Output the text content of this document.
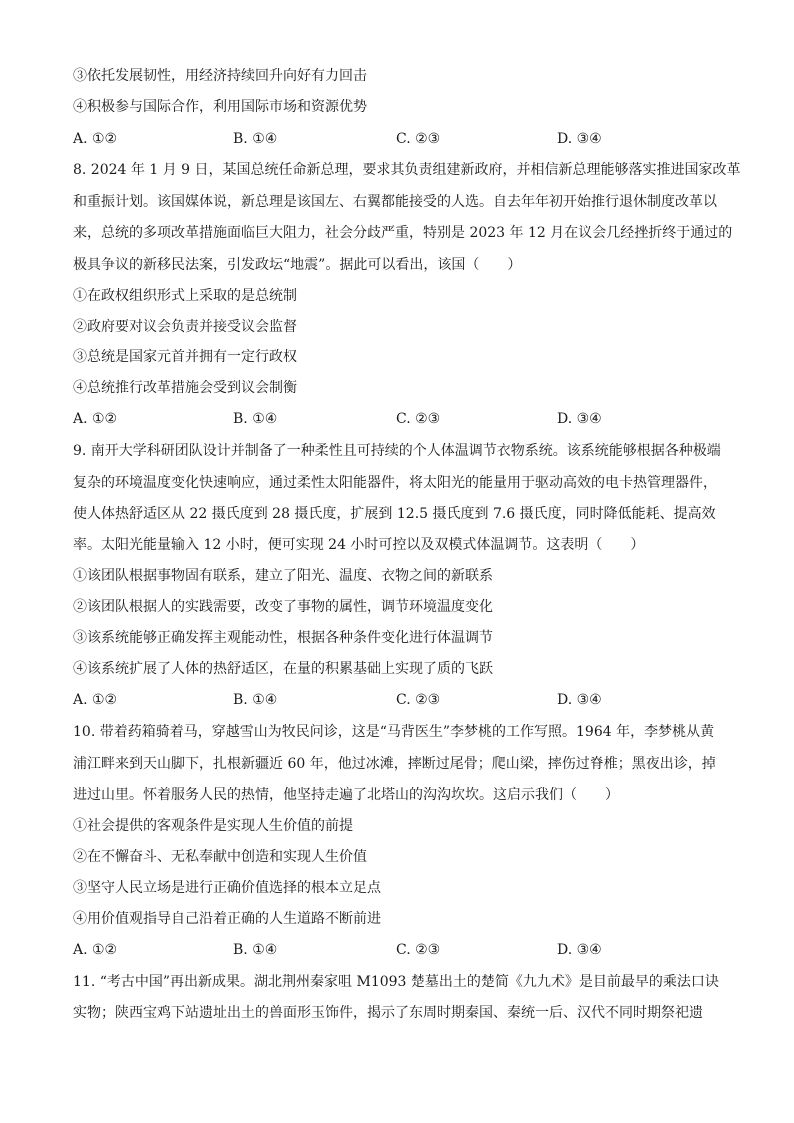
③依托发展韧性，用经济持续回升向好有力回击
④积极参与国际合作，利用国际市场和资源优势
A. ①②	B. ①④	C. ②③	D. ③④
8. 2024 年 1 月 9 日，某国总统任命新总理，要求其负责组建新政府，并相信新总理能够落实推进国家改革
和重振计划。该国媒体说，新总理是该国左、右翼都能接受的人选。自去年年初开始推行退休制度改革以
来，总统的多项改革措施面临巨大阻力，社会分歧严重，特别是 2023 年 12 月在议会几经挫折终于通过的
极具争议的新移民法案，引发政坛“地震”。据此可以看出，该国（　　）
①在政权组织形式上采取的是总统制
②政府要对议会负责并接受议会监督
③总统是国家元首并拥有一定行政权
④总统推行改革措施会受到议会制衡
A. ①②	B. ①④	C. ②③	D. ③④
9. 南开大学科研团队设计并制备了一种柔性且可持续的个人体温调节衣物系统。该系统能够根据各种极端
复杂的环境温度变化快速响应，通过柔性太阳能器件，将太阳光的能量用于驱动高效的电卡热管理器件，
使人体热舒适区从 22 摄氏度到 28 摄氏度，扩展到 12.5 摄氏度到 7.6 摄氏度，同时降低能耗、提高效
率。太阳光能量输入 12 小时，便可实现 24 小时可控以及双模式体温调节。这表明（　　）
①该团队根据事物固有联系，建立了阳光、温度、衣物之间的新联系
②该团队根据人的实践需要，改变了事物的属性，调节环境温度变化
③该系统能够正确发挥主观能动性，根据各种条件变化进行体温调节
④该系统扩展了人体的热舒适区，在量的积累基础上实现了质的飞跃
A. ①②	B. ①④	C. ②③	D. ③④
10. 带着药箱骑着马，穿越雪山为牧民问诊，这是“马背医生”李梦桃的工作写照。1964 年，李梦桃从黄
浦江畔来到天山脚下，扎根新疆近 60 年，他过冰滩，摔断过尾骨；爬山梁，摔伤过脊椎；黑夜出诊，掉
进过山里。怀着服务人民的热情，他坚持走遍了北塔山的沟沟坎坎。这启示我们（　　）
①社会提供的客观条件是实现人生价值的前提
②在不懈奋斗、无私奉献中创造和实现人生价值
③坚守人民立场是进行正确价值选择的根本立足点
④用价值观指导自己沿着正确的人生道路不断前进
A. ①②	B. ①④	C. ②③	D. ③④
11. “考古中国”再出新成果。湖北荆州秦家咀 M1093 楚墓出土的楚简《九九术》是目前最早的乘法口诀
实物；陕西宝鸡下站遗址出土的兽面形玉饰件，揭示了东周时期秦国、秦统一后、汉代不同时期祭祀遗
